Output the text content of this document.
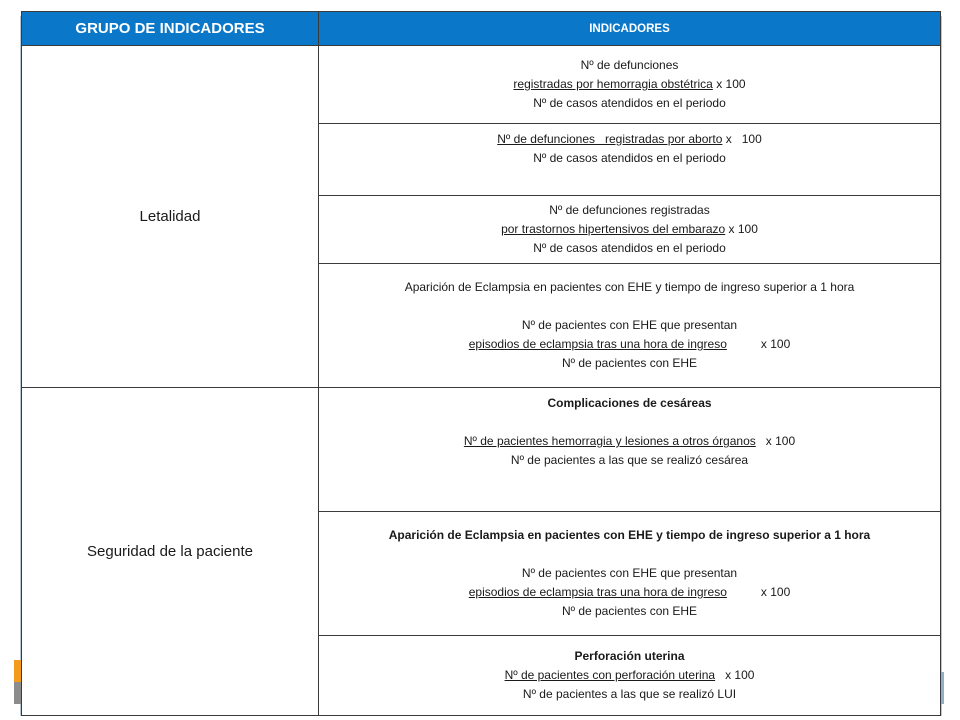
GRUPO DE INDICADORES	INDICADORES
Letalidad	Nº de defunciones
registradas por hemorragia obstétrica x 100
Nº de casos atendidos en el periodo

	Nº de defunciones   registradas por aborto x   100
Nº de casos atendidos en el periodo

	Nº de defunciones registradas
por trastornos hipertensivos del embarazo x 100
Nº de casos atendidos en el periodo

	Aparición de Eclampsia en pacientes con EHE y tiempo de ingreso superior a 1 hora
Nº de pacientes con EHE que presentan
episodios de eclampsia tras una hora de ingreso x 100
Nº de pacientes con EHE

Seguridad de la paciente	Complicaciones de cesáreas
Nº de pacientes hemorragia y lesiones a otros órganos x 100
Nº de pacientes a las que se realizó cesárea

	Aparición de Eclampsia en pacientes con EHE y tiempo de ingreso superior a 1 hora
Nº de pacientes con EHE que presentan
episodios de eclampsia tras una hora de ingreso x 100
Nº de pacientes con EHE

	Perforación uterina
Nº de pacientes con perforación uterina x 100
Nº de pacientes a las que se realizó LUI
